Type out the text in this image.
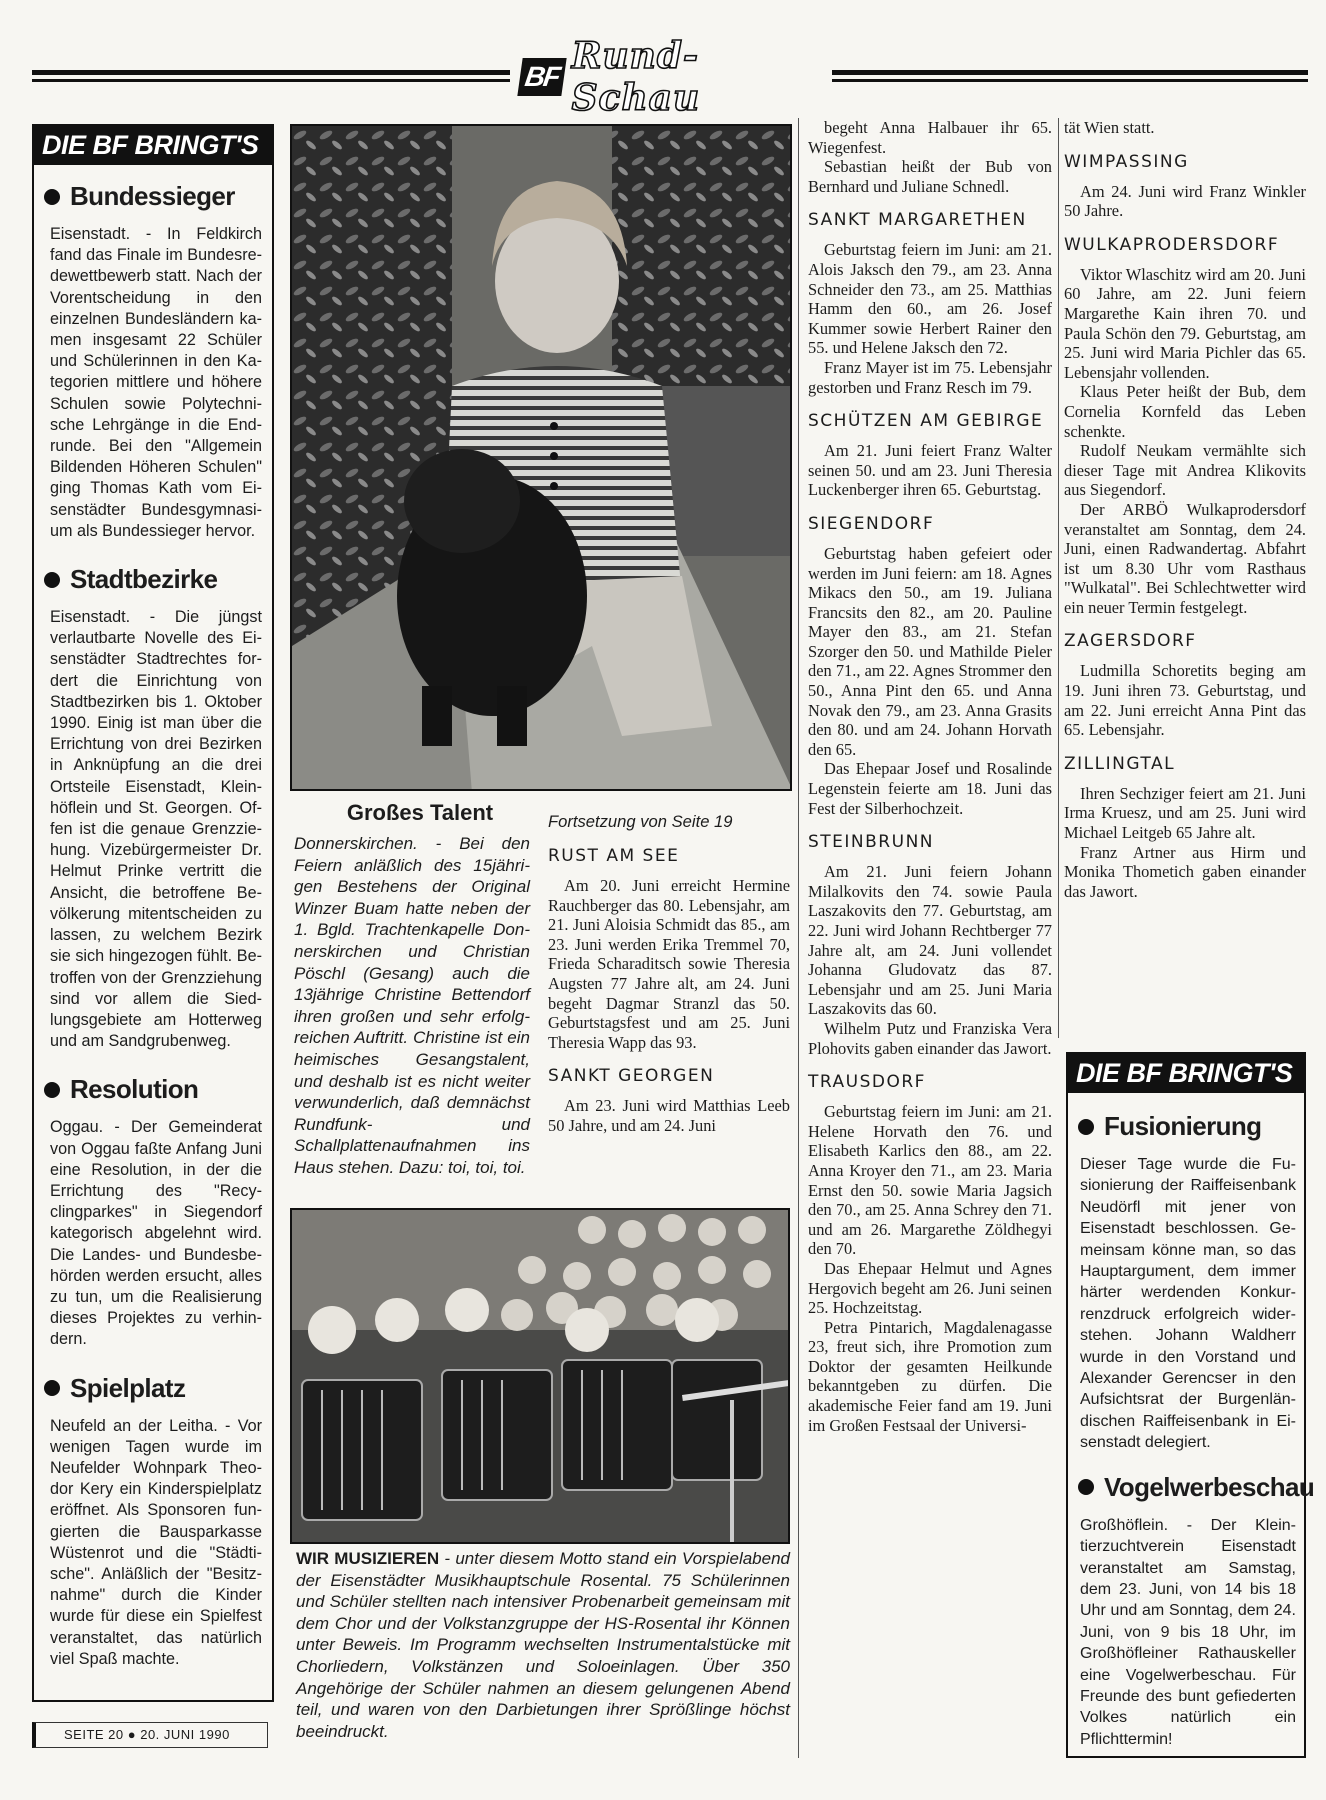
BF Rund-Schau
DIE BF BRINGT'S
Bundessieger
Eisenstadt. - In Feldkirch fand das Finale im Bundesredewettbewerb statt. Nach der Vorentscheidung in den einzelnen Bundesländern kamen insgesamt 22 Schüler und Schülerinnen in den Kategorien mittlere und höhere Schulen sowie Polytechnische Lehrgänge in die Endrunde. Bei den "Allgemein Bildenden Höheren Schulen" ging Thomas Kath vom Eisenstädter Bundesgymnasium als Bundessieger hervor.
Stadtbezirke
Eisenstadt. - Die jüngst verlautbarte Novelle des Eisenstädter Stadtrechtes fordert die Einrichtung von Stadtbezirken bis 1. Oktober 1990. Einig ist man über die Errichtung von drei Bezirken in Anknüpfung an die drei Ortsteile Eisenstadt, Kleinhöflein und St. Georgen. Offen ist die genaue Grenzziehung. Vizebürgermeister Dr. Helmut Prinke vertritt die Ansicht, die betroffene Bevölkerung mitentscheiden zu lassen, zu welchem Bezirk sie sich hingezogen fühlt. Betroffen von der Grenzziehung sind vor allem die Siedlungsgebiete am Hotterweg und am Sandgrubenweg.
Resolution
Oggau. - Der Gemeinderat von Oggau faßte Anfang Juni eine Resolution, in der die Errichtung des "Recyclingparkes" in Siegendorf kategorisch abgelehnt wird. Die Landes- und Bundesbehörden werden ersucht, alles zu tun, um die Realisierung dieses Projektes zu verhindern.
Spielplatz
Neufeld an der Leitha. - Vor wenigen Tagen wurde im Neufelder Wohnpark Theodor Kery ein Kinderspielplatz eröffnet. Als Sponsoren fungierten die Bausparkasse Wüstenrot und die "Städtische". Anläßlich der "Besitznahme" durch die Kinder wurde für diese ein Spielfest veranstaltet, das natürlich viel Spaß machte.
SEITE 20 ● 20. JUNI 1990
Großes Talent
Donnerskirchen. - Bei den Feiern anläßlich des 15jährigen Bestehens der Original Winzer Buam hatte neben der 1. Bgld. Trachtenkapelle Donnerskirchen und Christian Pöschl (Gesang) auch die 13jährige Christine Bettendorf ihren großen und sehr erfolgreichen Auftritt. Christine ist ein heimisches Gesangstalent, und deshalb ist es nicht weiter verwunderlich, daß demnächst Rundfunk- und Schallplattenaufnahmen ins Haus stehen. Dazu: toi, toi, toi.
WIR MUSIZIEREN - unter diesem Motto stand ein Vorspielabend der Eisenstädter Musikhauptschule Rosental. 75 Schülerinnen und Schüler stellten nach intensiver Probenarbeit gemeinsam mit dem Chor und der Volkstanzgruppe der HS-Rosental ihr Können unter Beweis. Im Programm wechselten Instrumentalstücke mit Chorliedern, Volkstänzen und Soloeinlagen. Über 350 Angehörige der Schüler nahmen an diesem gelungenen Abend teil, und waren von den Darbietungen ihrer Sprößlinge höchst beeindruckt.

Fortsetzung von Seite 19

RUST AM SEE

Am 20. Juni erreicht Hermine Rauchberger das 80. Lebensjahr, am 21. Juni Aloisia Schmidt das 85., am 23. Juni werden Erika Tremmel 70, Frieda Scharaditsch sowie Theresia Augsten 77 Jahre alt, am 24. Juni begeht Dagmar Stranzl das 50. Geburtstagsfest und am 25. Juni Theresia Wapp das 93.

SANKT GEORGEN

Am 23. Juni wird Matthias Leeb 50 Jahre, und am 24. Juni

begeht Anna Halbauer ihr 65. Wiegenfest.

Sebastian heißt der Bub von Bernhard und Juliane Schnedl.

SANKT MARGARETHEN

Geburtstag feiern im Juni: am 21. Alois Jaksch den 79., am 23. Anna Schneider den 73., am 25. Matthias Hamm den 60., am 26. Josef Kummer sowie Herbert Rainer den 55. und Helene Jaksch den 72.

Franz Mayer ist im 75. Lebensjahr gestorben und Franz Resch im 79.

SCHÜTZEN AM GEBIRGE

Am 21. Juni feiert Franz Walter seinen 50. und am 23. Juni Theresia Luckenberger ihren 65. Geburtstag.

SIEGENDORF

Geburtstag haben gefeiert oder werden im Juni feiern: am 18. Agnes Mikacs den 50., am 19. Juliana Francsits den 82., am 20. Pauline Mayer den 83., am 21. Stefan Szorger den 50. und Mathilde Pieler den 71., am 22. Agnes Strommer den 50., Anna Pint den 65. und Anna Novak den 79., am 23. Anna Grasits den 80. und am 24. Johann Horvath den 65.

Das Ehepaar Josef und Rosalinde Legenstein feierte am 18. Juni das Fest der Silberhochzeit.

STEINBRUNN

Am 21. Juni feiern Johann Milalkovits den 74. sowie Paula Laszakovits den 77. Geburtstag, am 22. Juni wird Johann Rechtberger 77 Jahre alt, am 24. Juni vollendet Johanna Gludovatz das 87. Lebensjahr und am 25. Juni Maria Laszakovits das 60.

Wilhelm Putz und Franziska Vera Plohovits gaben einander das Jawort.

TRAUSDORF

Geburtstag feiern im Juni: am 21. Helene Horvath den 76. und Elisabeth Karlics den 88., am 22. Anna Kroyer den 71., am 23. Maria Ernst den 50. sowie Maria Jagsich den 70., am 25. Anna Schrey den 71. und am 26. Margarethe Zöldhegyi den 70.

Das Ehepaar Helmut und Agnes Hergovich begeht am 26. Juni seinen 25. Hochzeitstag.

Petra Pintarich, Magdalenagasse 23, freut sich, ihre Promotion zum Doktor der gesamten Heilkunde bekanntgeben zu dürfen. Die akademische Feier fand am 19. Juni im Großen Festsaal der Universi-

tät Wien statt.

WIMPASSING

Am 24. Juni wird Franz Winkler 50 Jahre.

WULKAPRODERSDORF

Viktor Wlaschitz wird am 20. Juni 60 Jahre, am 22. Juni feiern Margarethe Kain ihren 70. und Paula Schön den 79. Geburtstag, am 25. Juni wird Maria Pichler das 65. Lebensjahr vollenden.

Klaus Peter heißt der Bub, dem Cornelia Kornfeld das Leben schenkte.

Rudolf Neukam vermählte sich dieser Tage mit Andrea Klikovits aus Siegendorf.

Der ARBÖ Wulkaprodersdorf veranstaltet am Sonntag, dem 24. Juni, einen Radwandertag. Abfahrt ist um 8.30 Uhr vom Rasthaus "Wulkatal". Bei Schlechtwetter wird ein neuer Termin festgelegt.

ZAGERSDORF

Ludmilla Schoretits beging am 19. Juni ihren 73. Geburtstag, und am 22. Juni erreicht Anna Pint das 65. Lebensjahr.

ZILLINGTAL

Ihren Sechziger feiert am 21. Juni Irma Kruesz, und am 25. Juni wird Michael Leitgeb 65 Jahre alt.

Franz Artner aus Hirm und Monika Thometich gaben einander das Jawort.

DIE BF BRINGT'S
Fusionierung
Dieser Tage wurde die Fusionierung der Raiffeisenbank Neudörfl mit jener von Eisenstadt beschlossen. Gemeinsam könne man, so das Hauptargument, dem immer härter werdenden Konkurrenzdruck erfolgreich widerstehen. Johann Waldherr wurde in den Vorstand und Alexander Gerencser in den Aufsichtsrat der Burgenländischen Raiffeisenbank in Eisenstadt delegiert.
Vogelwerbeschau
Großhöflein. - Der Kleintierzuchtverein Eisenstadt veranstaltet am Samstag, dem 23. Juni, von 14 bis 18 Uhr und am Sonntag, dem 24. Juni, von 9 bis 18 Uhr, im Großhöfleiner Rathauskeller eine Vogelwerbeschau. Für Freunde des bunt gefiederten Volkes natürlich ein Pflichttermin!
